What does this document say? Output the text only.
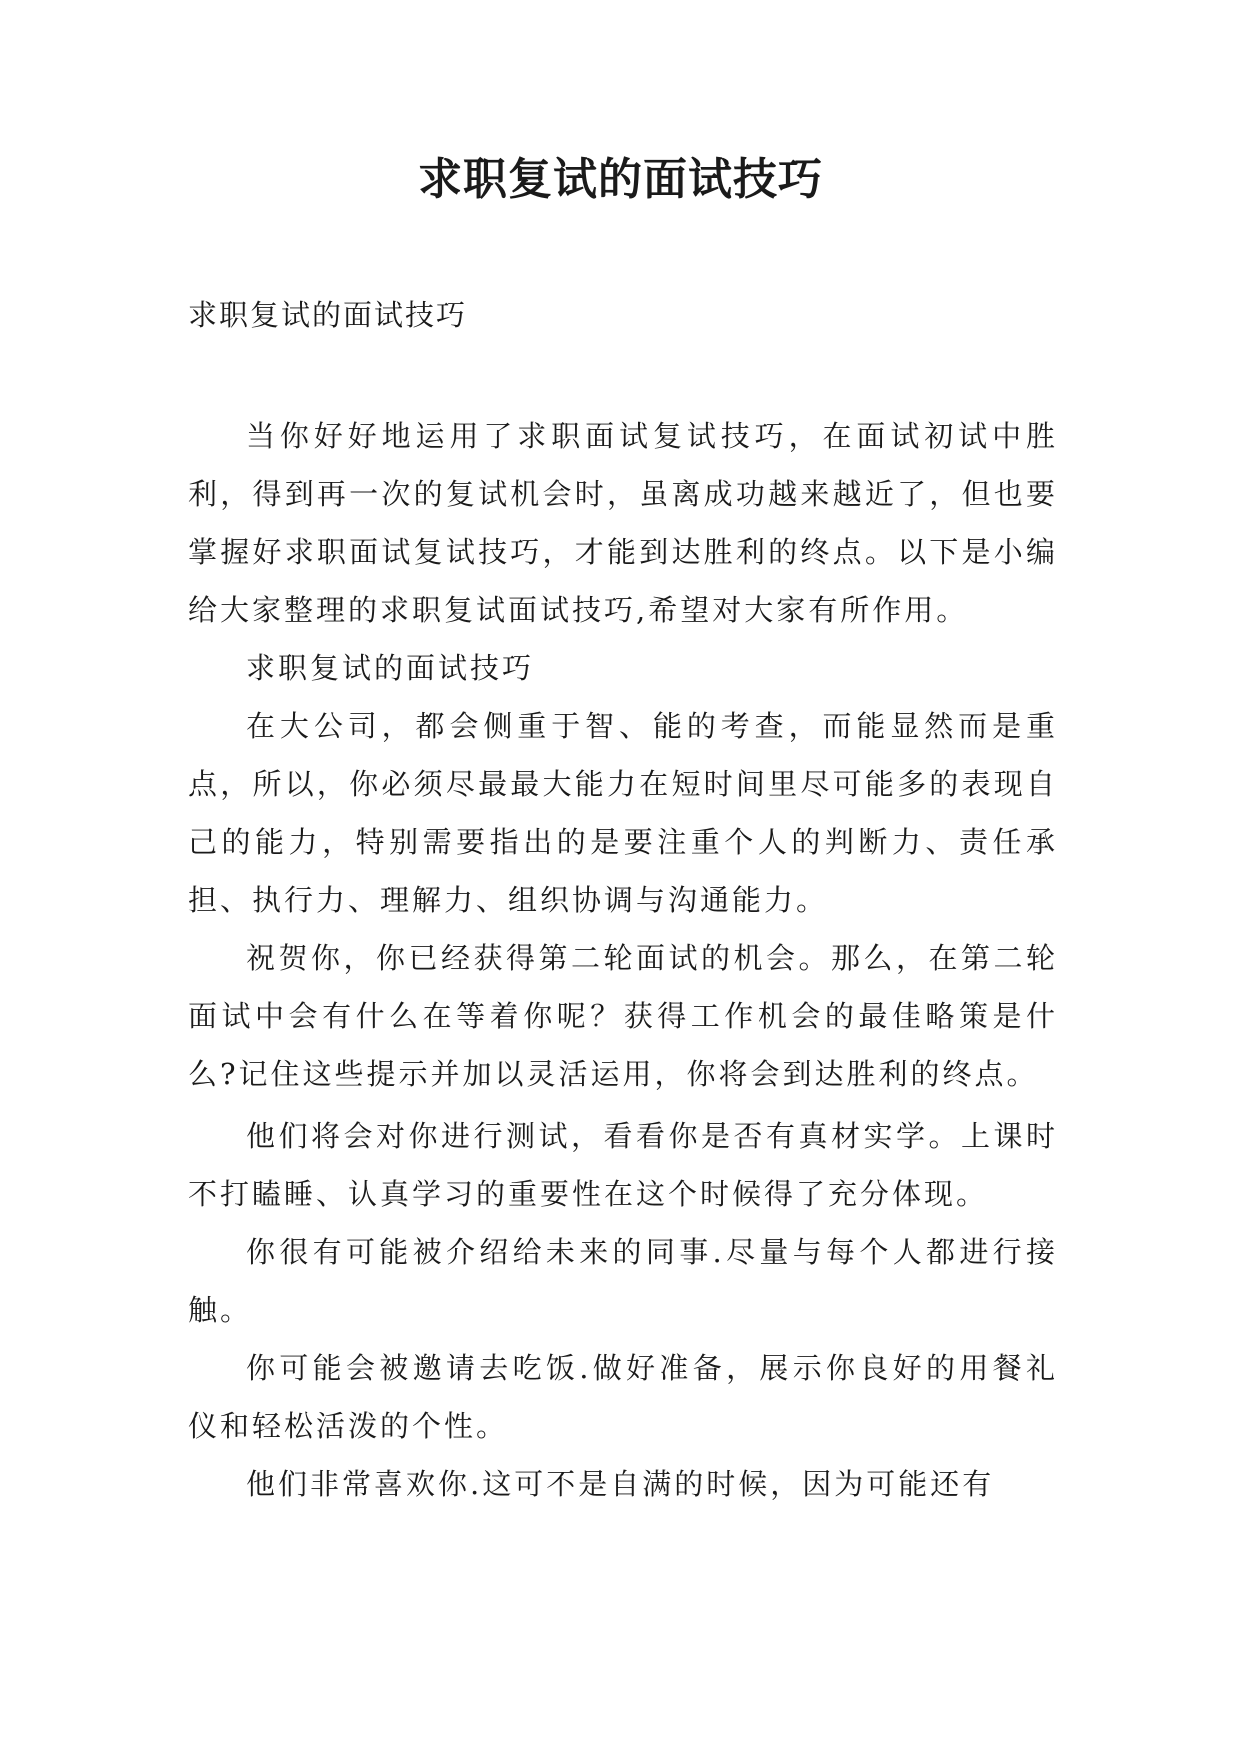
求职复试的面试技巧

求职复试的面试技巧

当你好好地运用了求职面试复试技巧，在面试初试中胜利，得到再一次的复试机会时，虽离成功越来越近了，但也要掌握好求职面试复试技巧，才能到达胜利的终点。以下是小编给大家整理的求职复试面试技巧,希望对大家有所作用。

求职复试的面试技巧

在大公司，都会侧重于智、能的考查，而能显然而是重点，所以，你必须尽最最大能力在短时间里尽可能多的表现自己的能力，特别需要指出的是要注重个人的判断力、责任承担、执行力、理解力、组织协调与沟通能力。

祝贺你，你已经获得第二轮面试的机会。那么，在第二轮面试中会有什么在等着你呢？获得工作机会的最佳略策是什么?记住这些提示并加以灵活运用，你将会到达胜利的终点。

他们将会对你进行测试，看看你是否有真材实学。上课时不打瞌睡、认真学习的重要性在这个时候得了充分体现。

你很有可能被介绍给未来的同事.尽量与每个人都进行接触。

你可能会被邀请去吃饭.做好准备，展示你良好的用餐礼仪和轻松活泼的个性。

他们非常喜欢你.这可不是自满的时候，因为可能还有
